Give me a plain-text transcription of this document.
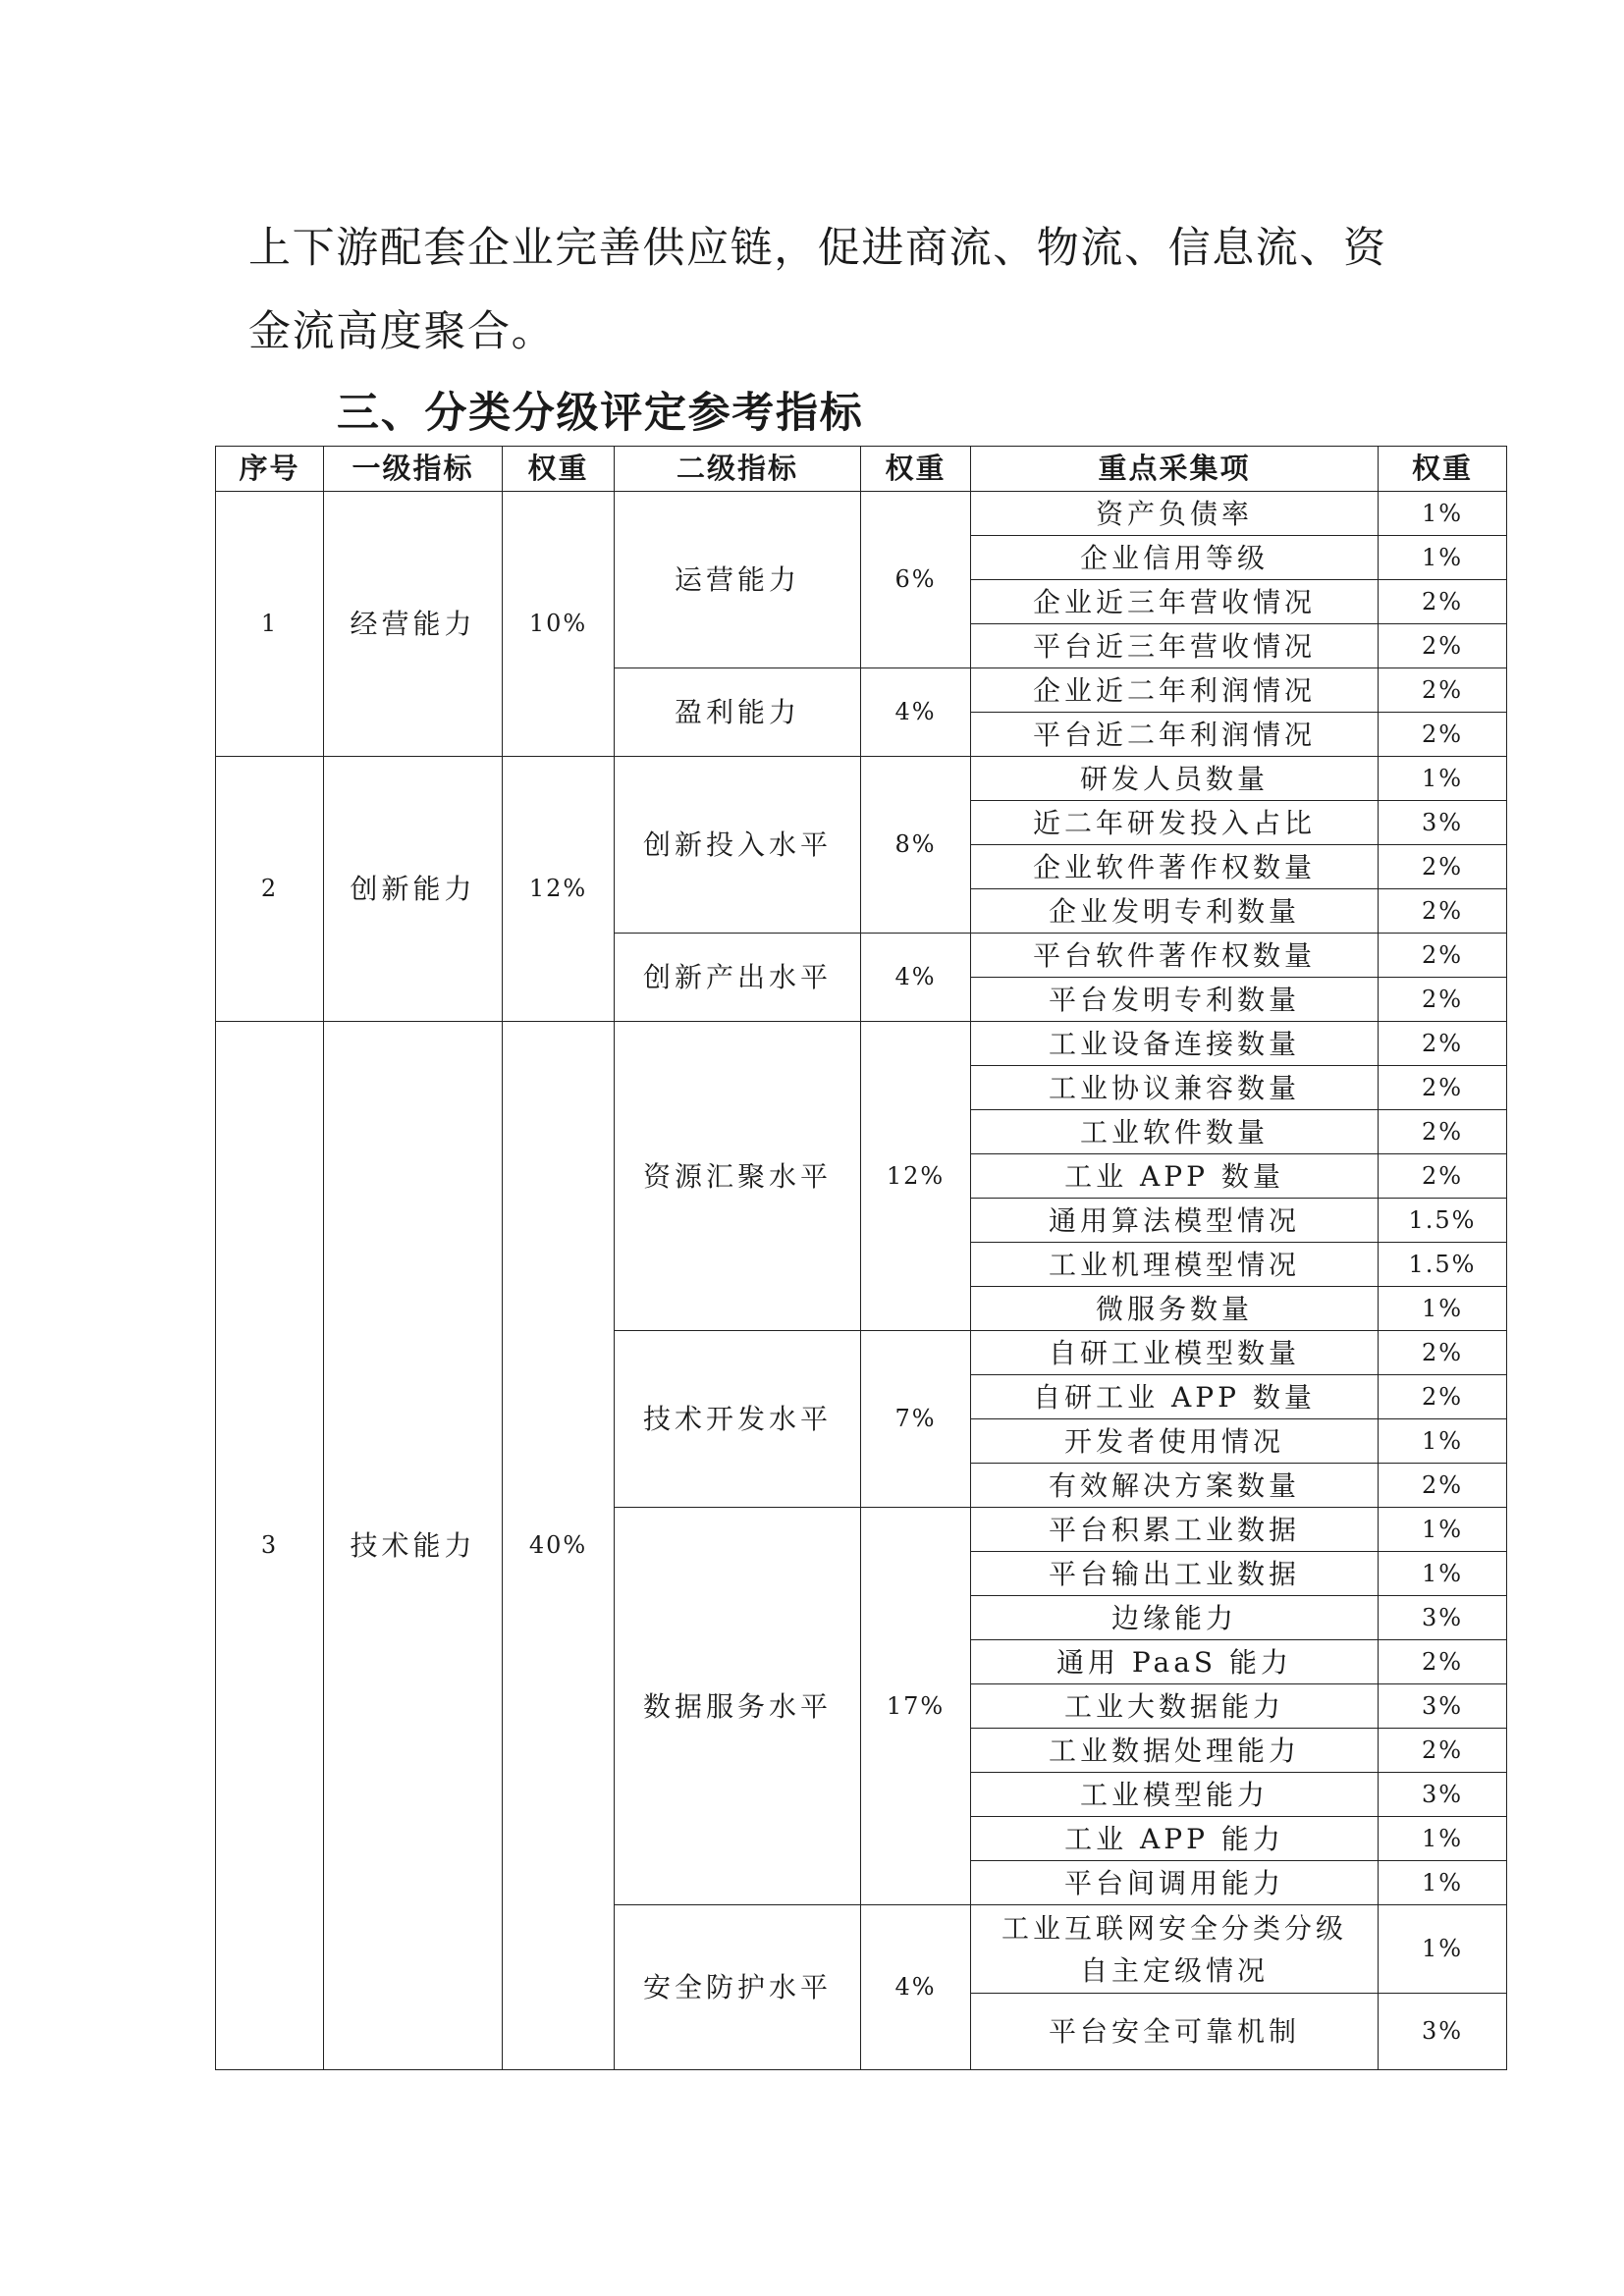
上下游配套企业完善供应链，促进商流、物流、信息流、资

金流高度聚合。

三、分类分级评定参考指标
序号	一级指标	权重	二级指标	权重	重点采集项	权重
1	经营能力	10%	运营能力	6%	资产负债率	1%
					企业信用等级	1%
					企业近三年营收情况	2%
					平台近三年营收情况	2%
			盈利能力	4%	企业近二年利润情况	2%
					平台近二年利润情况	2%
2	创新能力	12%	创新投入水平	8%	研发人员数量	1%
					近二年研发投入占比	3%
					企业软件著作权数量	2%
					企业发明专利数量	2%
			创新产出水平	4%	平台软件著作权数量	2%
					平台发明专利数量	2%
3	技术能力	40%	资源汇聚水平	12%	工业设备连接数量	2%
					工业协议兼容数量	2%
					工业软件数量	2%
					工业 APP 数量	2%
					通用算法模型情况	1.5%
					工业机理模型情况	1.5%
					微服务数量	1%
			技术开发水平	7%	自研工业模型数量	2%
					自研工业 APP 数量	2%
					开发者使用情况	1%
					有效解决方案数量	2%
			数据服务水平	17%	平台积累工业数据	1%
					平台输出工业数据	1%
					边缘能力	3%
					通用 PaaS 能力	2%
					工业大数据能力	3%
					工业数据处理能力	2%
					工业模型能力	3%
					工业 APP 能力	1%
					平台间调用能力	1%
			安全防护水平	4%	工业互联网安全分类分级
自主定级情况	1%
					平台安全可靠机制	3%
